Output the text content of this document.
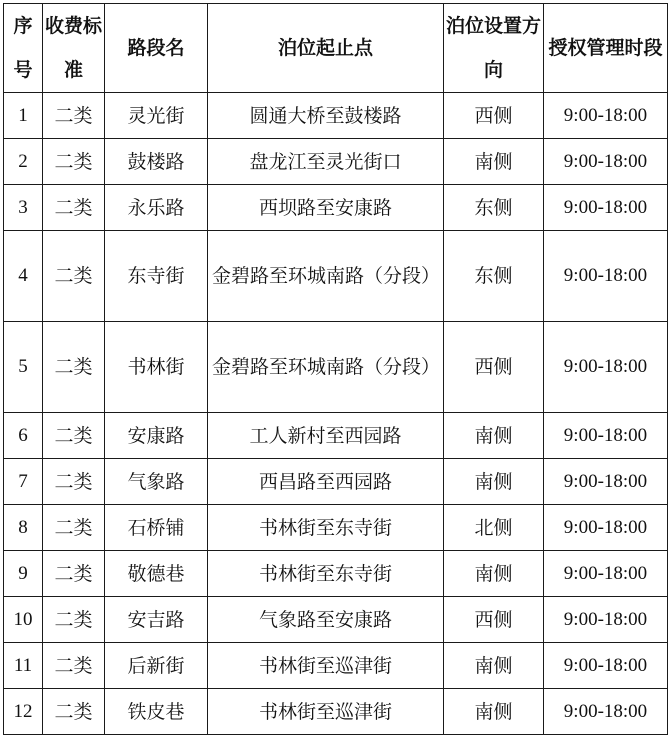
序号	收费标准	路段名	泊位起止点	泊位设置方向	授权管理时段
1	二类	灵光街	圆通大桥至鼓楼路	西侧	9:00-18:00
2	二类	鼓楼路	盘龙江至灵光街口	南侧	9:00-18:00
3	二类	永乐路	西坝路至安康路	东侧	9:00-18:00
4	二类	东寺街	金碧路至环城南路（分段）	东侧	9:00-18:00
5	二类	书林街	金碧路至环城南路（分段）	西侧	9:00-18:00
6	二类	安康路	工人新村至西园路	南侧	9:00-18:00
7	二类	气象路	西昌路至西园路	南侧	9:00-18:00
8	二类	石桥铺	书林街至东寺街	北侧	9:00-18:00
9	二类	敬德巷	书林街至东寺街	南侧	9:00-18:00
10	二类	安吉路	气象路至安康路	西侧	9:00-18:00
11	二类	后新街	书林街至巡津街	南侧	9:00-18:00
12	二类	铁皮巷	书林街至巡津街	南侧	9:00-18:00
